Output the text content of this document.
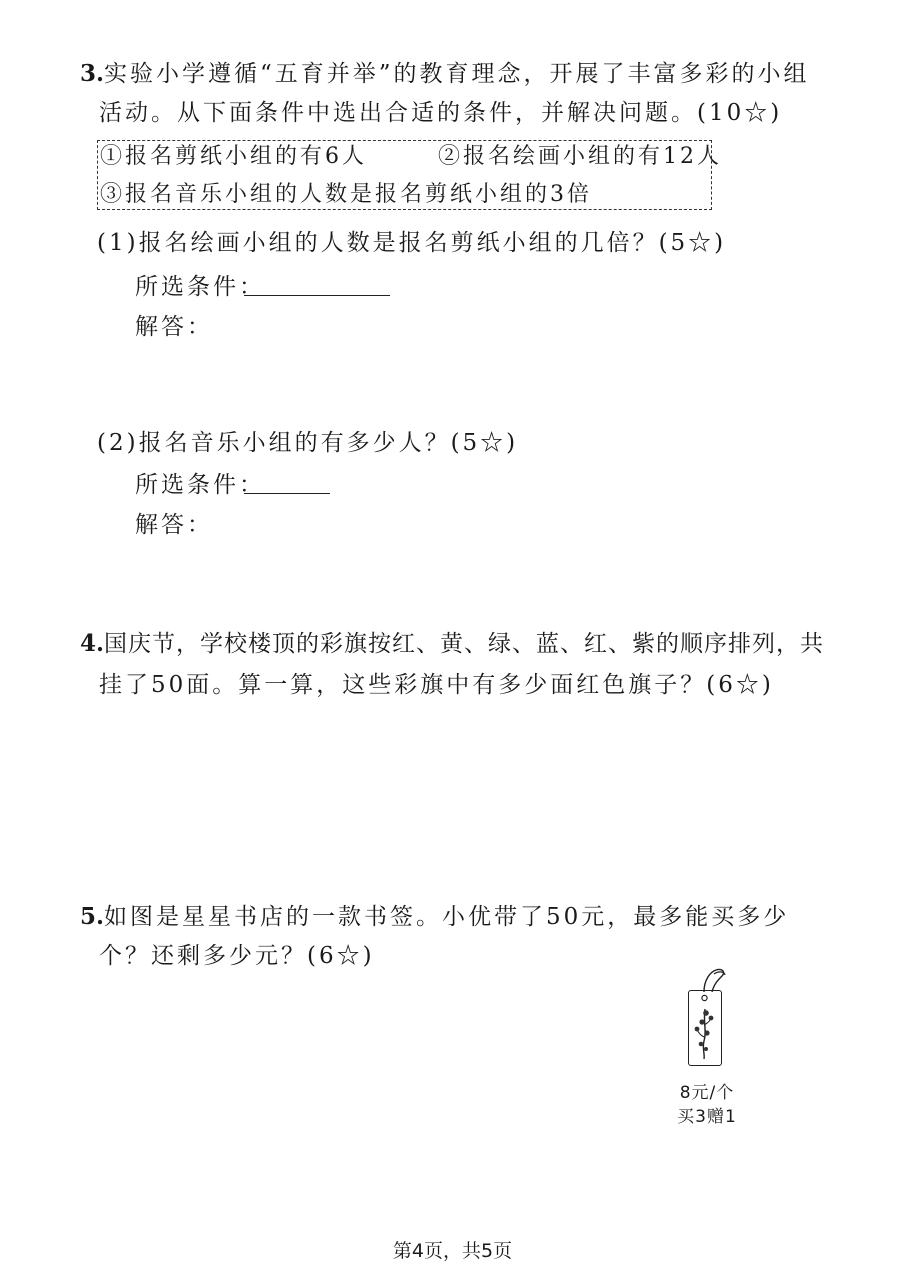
3.实验小学遵循“五育并举”的教育理念，开展了丰富多彩的小组
活动。从下面条件中选出合适的条件，并解决问题。(10☆)
①报名剪纸小组的有6人	②报名绘画小组的有12人
③报名音乐小组的人数是报名剪纸小组的3倍
(1)报名绘画小组的人数是报名剪纸小组的几倍？(5☆)
所选条件：
解答：
(2)报名音乐小组的有多少人？(5☆)
所选条件：
解答：
4.国庆节，学校楼顶的彩旗按红、黄、绿、蓝、红、紫的顺序排列，共
挂了50面。算一算，这些彩旗中有多少面红色旗子？(6☆)
5.如图是星星书店的一款书签。小优带了50元，最多能买多少
个？还剩多少元？(6☆)
8元/个
买3赠1
第4页，共5页
